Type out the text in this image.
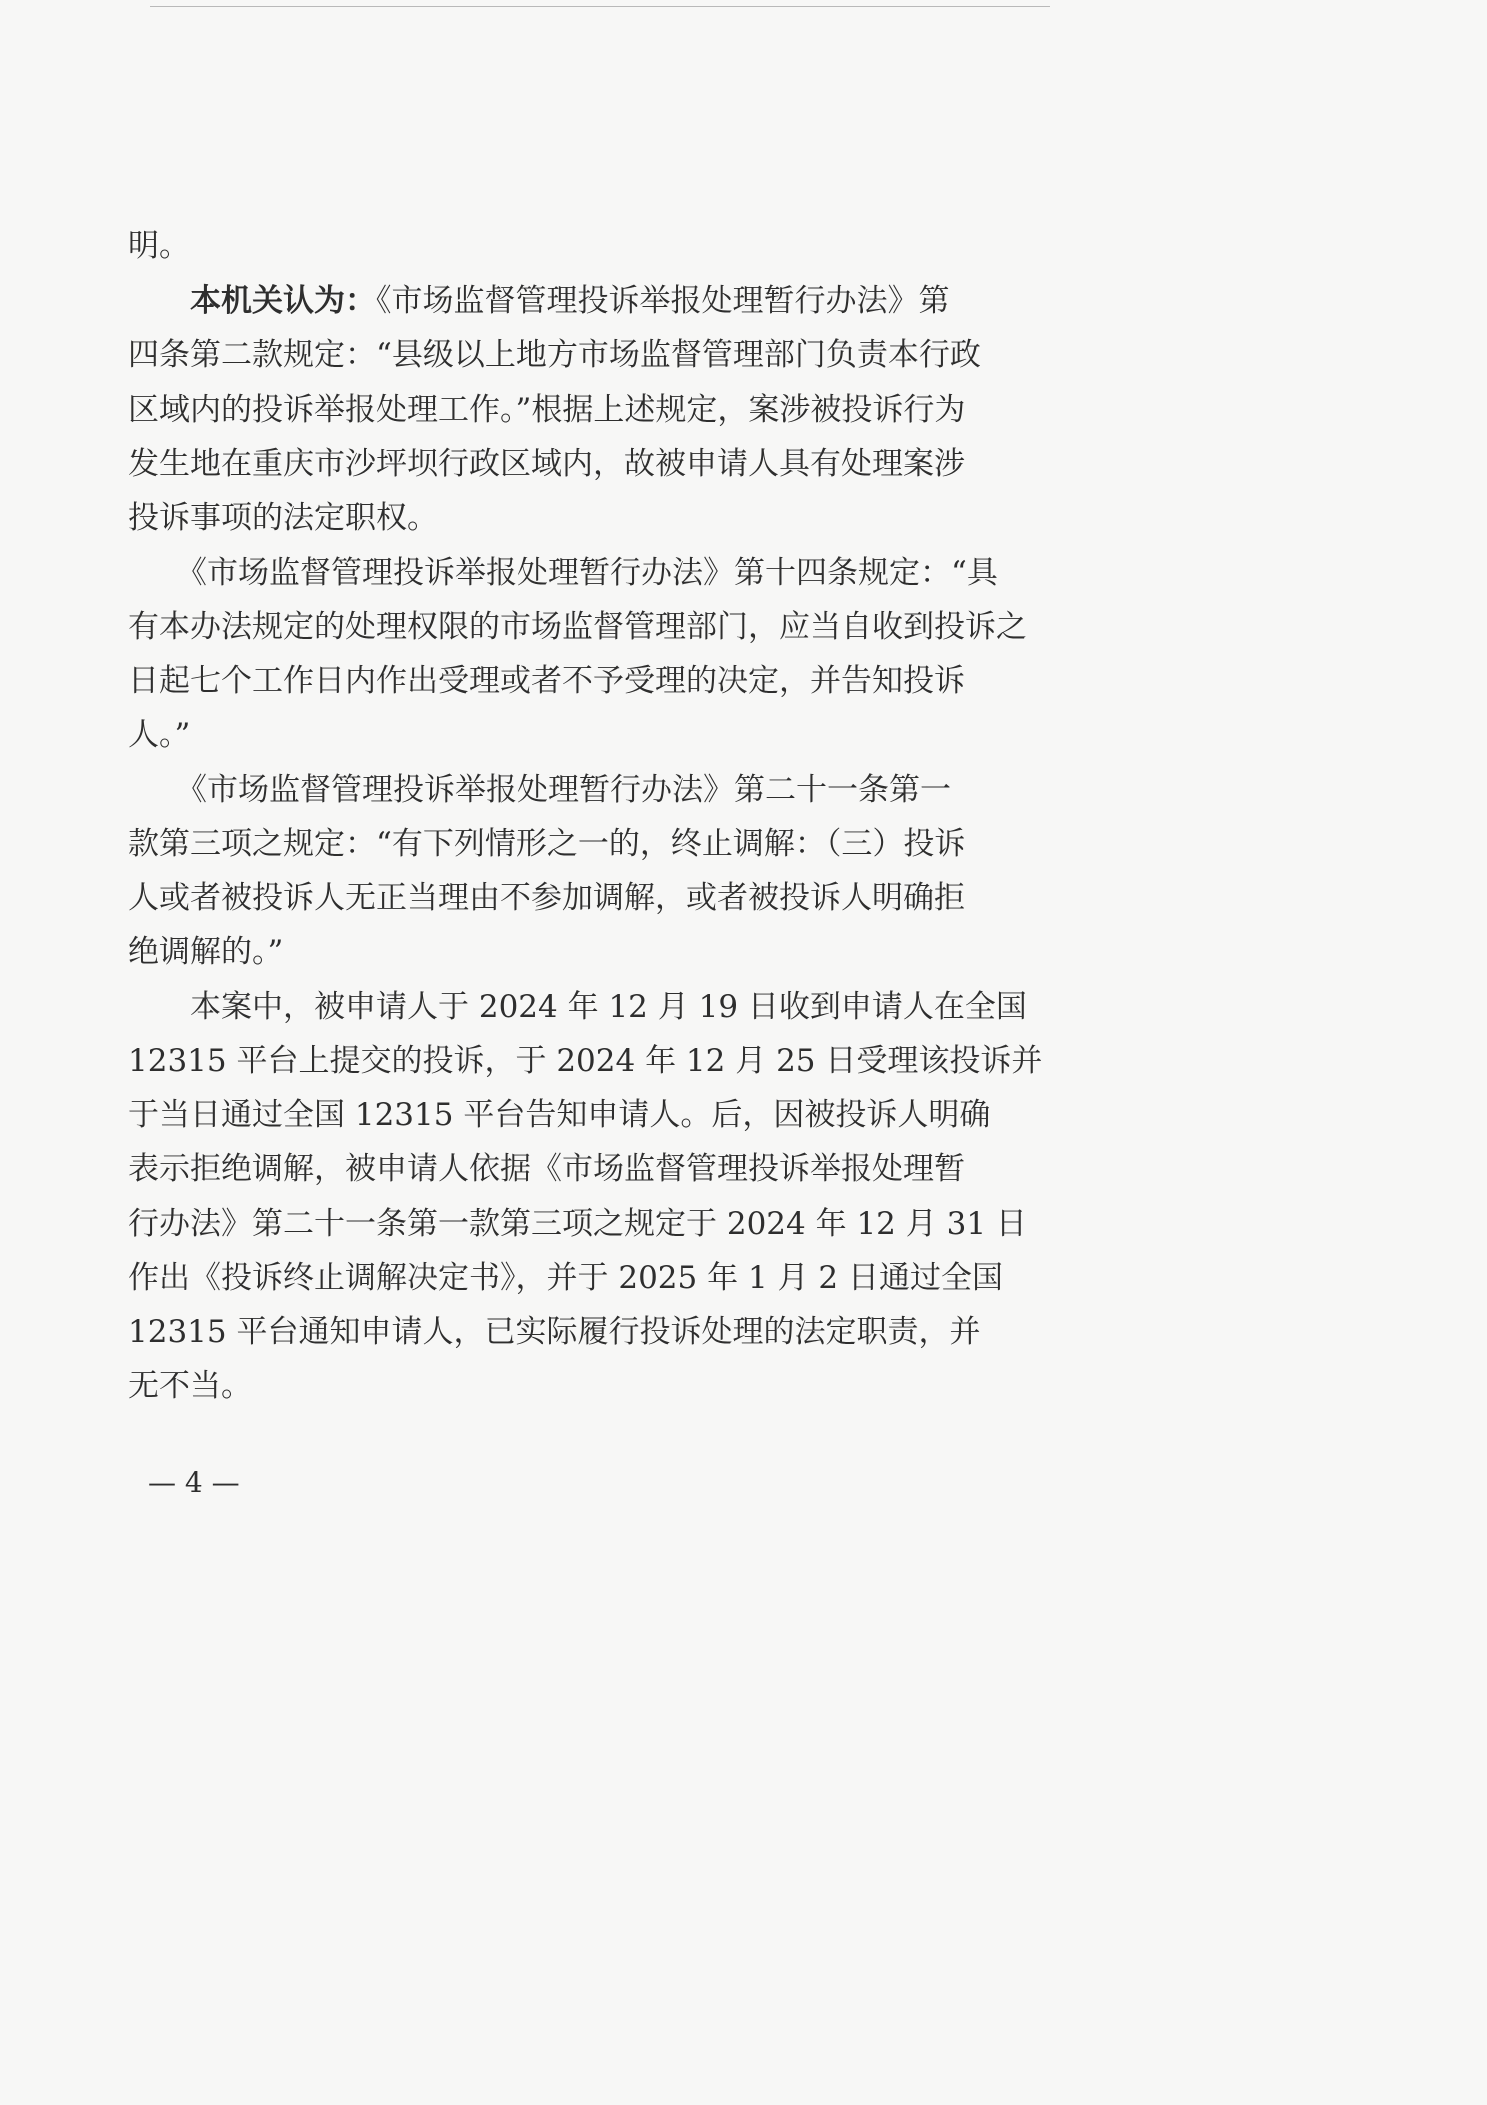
明。
本机关认为：《市场监督管理投诉举报处理暂行办法》第
四条第二款规定：“县级以上地方市场监督管理部门负责本行政
区域内的投诉举报处理工作。”根据上述规定，案涉被投诉行为
发生地在重庆市沙坪坝行政区域内，故被申请人具有处理案涉
投诉事项的法定职权。
《市场监督管理投诉举报处理暂行办法》第十四条规定：“具
有本办法规定的处理权限的市场监督管理部门，应当自收到投诉之
日起七个工作日内作出受理或者不予受理的决定，并告知投诉
人。”
《市场监督管理投诉举报处理暂行办法》第二十一条第一
款第三项之规定：“有下列情形之一的，终止调解：（三）投诉
人或者被投诉人无正当理由不参加调解，或者被投诉人明确拒
绝调解的。”
本案中，被申请人于 2024 年 12 月 19 日收到申请人在全国
12315 平台上提交的投诉，于 2024 年 12 月 25 日受理该投诉并
于当日通过全国 12315 平台告知申请人。后，因被投诉人明确
表示拒绝调解，被申请人依据《市场监督管理投诉举报处理暂
行办法》第二十一条第一款第三项之规定于 2024 年 12 月 31 日
作出《投诉终止调解决定书》，并于 2025 年 1 月 2 日通过全国
12315 平台通知申请人，已实际履行投诉处理的法定职责，并
无不当。
— 4 —
